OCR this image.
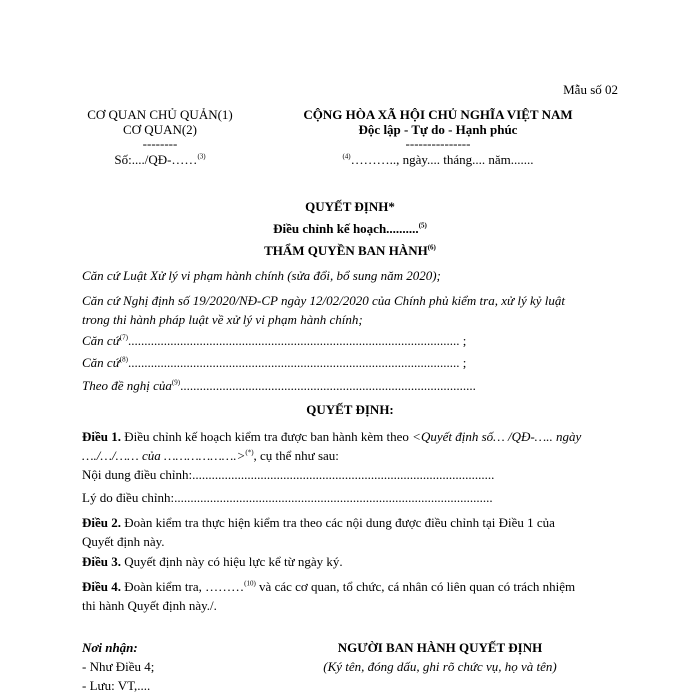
Mẫu số 02
CƠ QUAN CHỦ QUẢN(1)
CƠ QUAN(2)
--------
Số:..../QĐ-……$^{(3)}$
CỘNG HÒA XÃ HỘI CHỦ NGHĨA VIỆT NAM
Độc lập - Tự do - Hạnh phúc
---------------
$^{(4)}$……….., ngày.... tháng.... năm.......
QUYẾT ĐỊNH*
Điều chỉnh kế hoạch..........$^{(5)}$
THẨM QUYỀN BAN HÀNH$^{(6)}$
Căn cứ Luật Xử lý vi phạm hành chính (sửa đổi, bổ sung năm 2020);
Căn cứ Nghị định số 19/2020/NĐ-CP ngày 12/02/2020 của Chính phủ kiểm tra, xử lý kỷ luật
trong thi hành pháp luật về xử lý vi phạm hành chính;
Căn cứ$^{(7)}$...................................................................................................... ;
Căn cứ$^{(8)}$...................................................................................................... ;
Theo đề nghị của$^{(9)}$...........................................................................................
QUYẾT ĐỊNH:
Điều 1. Điều chỉnh kế hoạch kiểm tra được ban hành kèm theo <Quyết định số… /QĐ-….. ngày
…./…/…… của ……………….>(*), cụ thể như sau:
Nội dung điều chỉnh:.............................................................................................
Lý do điều chỉnh:..................................................................................................
Điều 2. Đoàn kiểm tra thực hiện kiểm tra theo các nội dung được điều chỉnh tại Điều 1 của
Quyết định này.
Điều 3. Quyết định này có hiệu lực kể từ ngày ký.
Điều 4. Đoàn kiểm tra, ………$^{(10)}$ và các cơ quan, tổ chức, cá nhân có liên quan có trách nhiệm
thi hành Quyết định này./.
Nơi nhận:
- Như Điều 4;
- Lưu: VT,....
NGƯỜI BAN HÀNH QUYẾT ĐỊNH
(Ký tên, đóng dấu, ghi rõ chức vụ, họ và tên)
